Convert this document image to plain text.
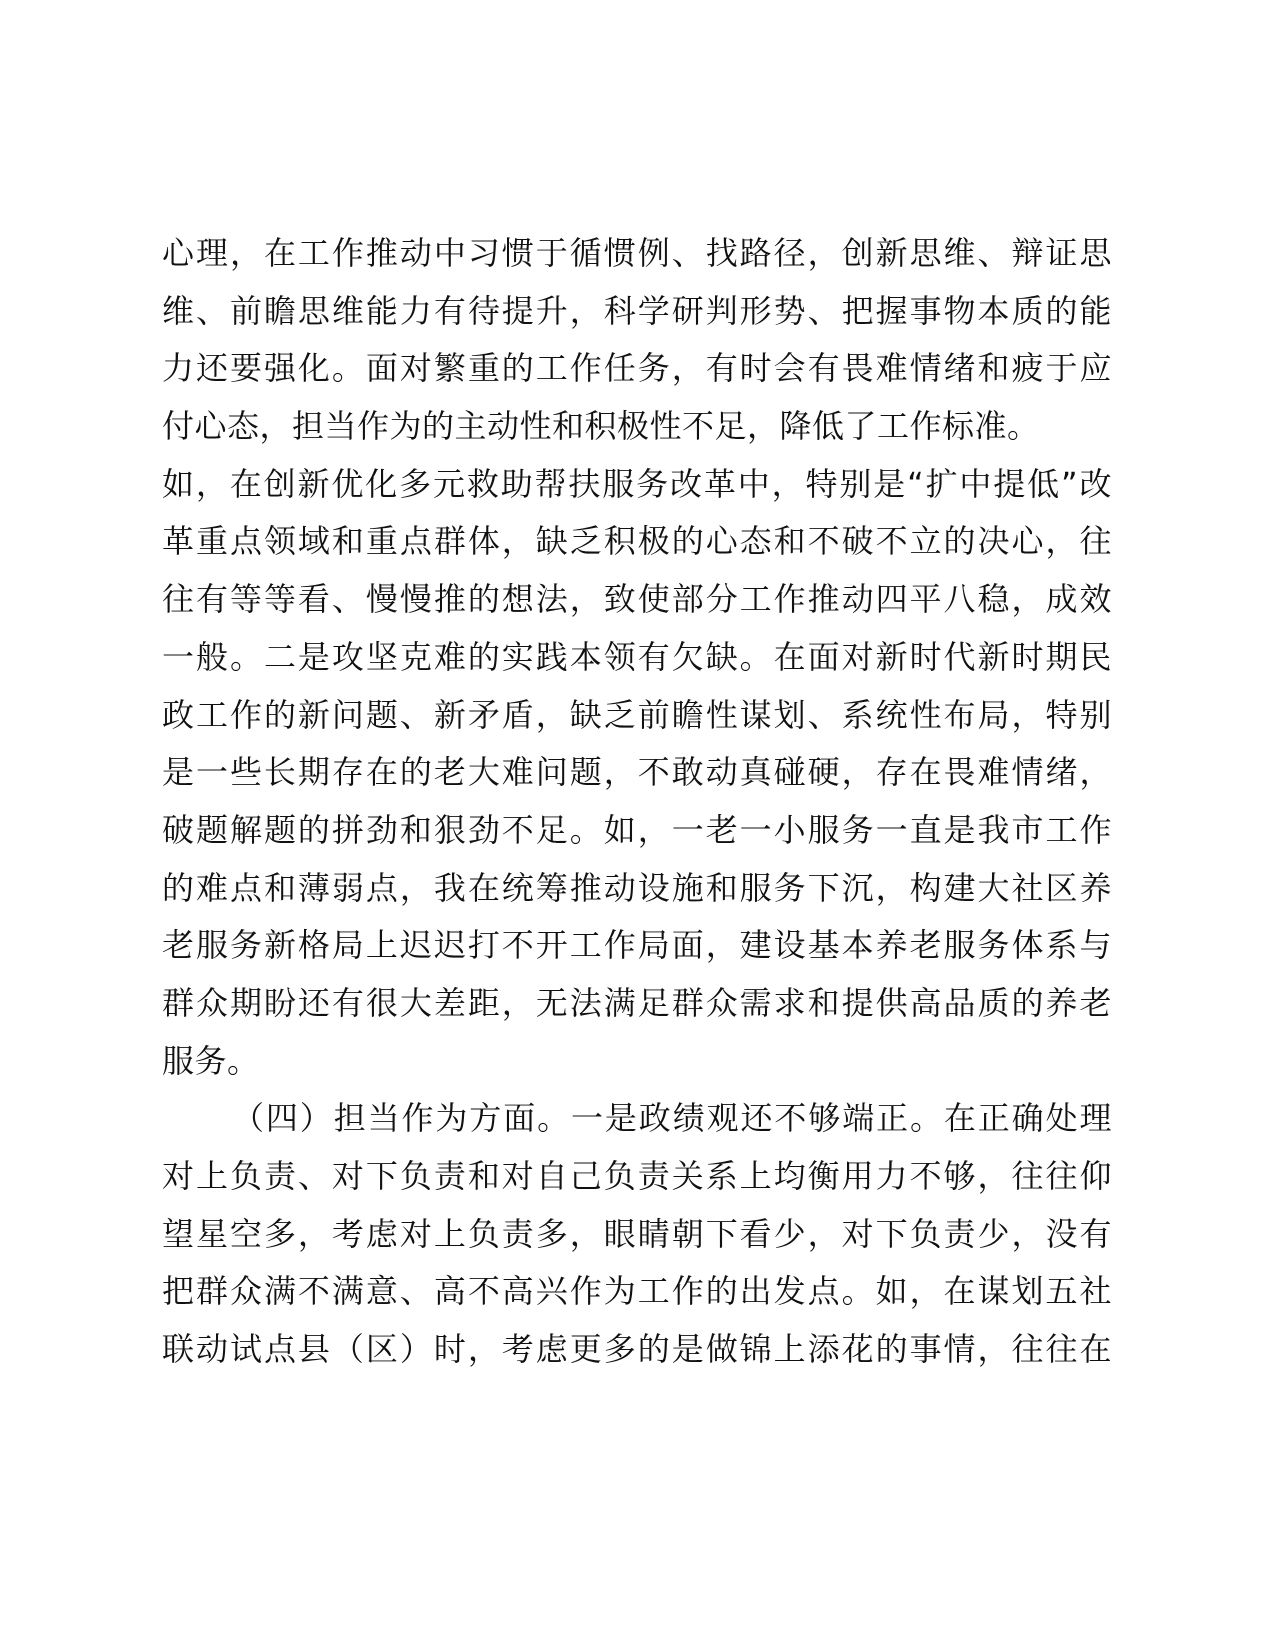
心理，在工作推动中习惯于循惯例、找路径，创新思维、辩证思
维、前瞻思维能力有待提升，科学研判形势、把握事物本质的能
力还要强化。面对繁重的工作任务，有时会有畏难情绪和疲于应
付心态，担当作为的主动性和积极性不足，降低了工作标准。
如，在创新优化多元救助帮扶服务改革中，特别是“扩中提低”改
革重点领域和重点群体，缺乏积极的心态和不破不立的决心，往
往有等等看、慢慢推的想法，致使部分工作推动四平八稳，成效
一般。二是攻坚克难的实践本领有欠缺。在面对新时代新时期民
政工作的新问题、新矛盾，缺乏前瞻性谋划、系统性布局，特别
是一些长期存在的老大难问题，不敢动真碰硬，存在畏难情绪，
破题解题的拼劲和狠劲不足。如，一老一小服务一直是我市工作
的难点和薄弱点，我在统筹推动设施和服务下沉，构建大社区养
老服务新格局上迟迟打不开工作局面，建设基本养老服务体系与
群众期盼还有很大差距，无法满足群众需求和提供高品质的养老
服务。
（四）担当作为方面。一是政绩观还不够端正。在正确处理
对上负责、对下负责和对自己负责关系上均衡用力不够，往往仰
望星空多，考虑对上负责多，眼睛朝下看少，对下负责少，没有
把群众满不满意、高不高兴作为工作的出发点。如，在谋划五社
联动试点县（区）时，考虑更多的是做锦上添花的事情，往往在
